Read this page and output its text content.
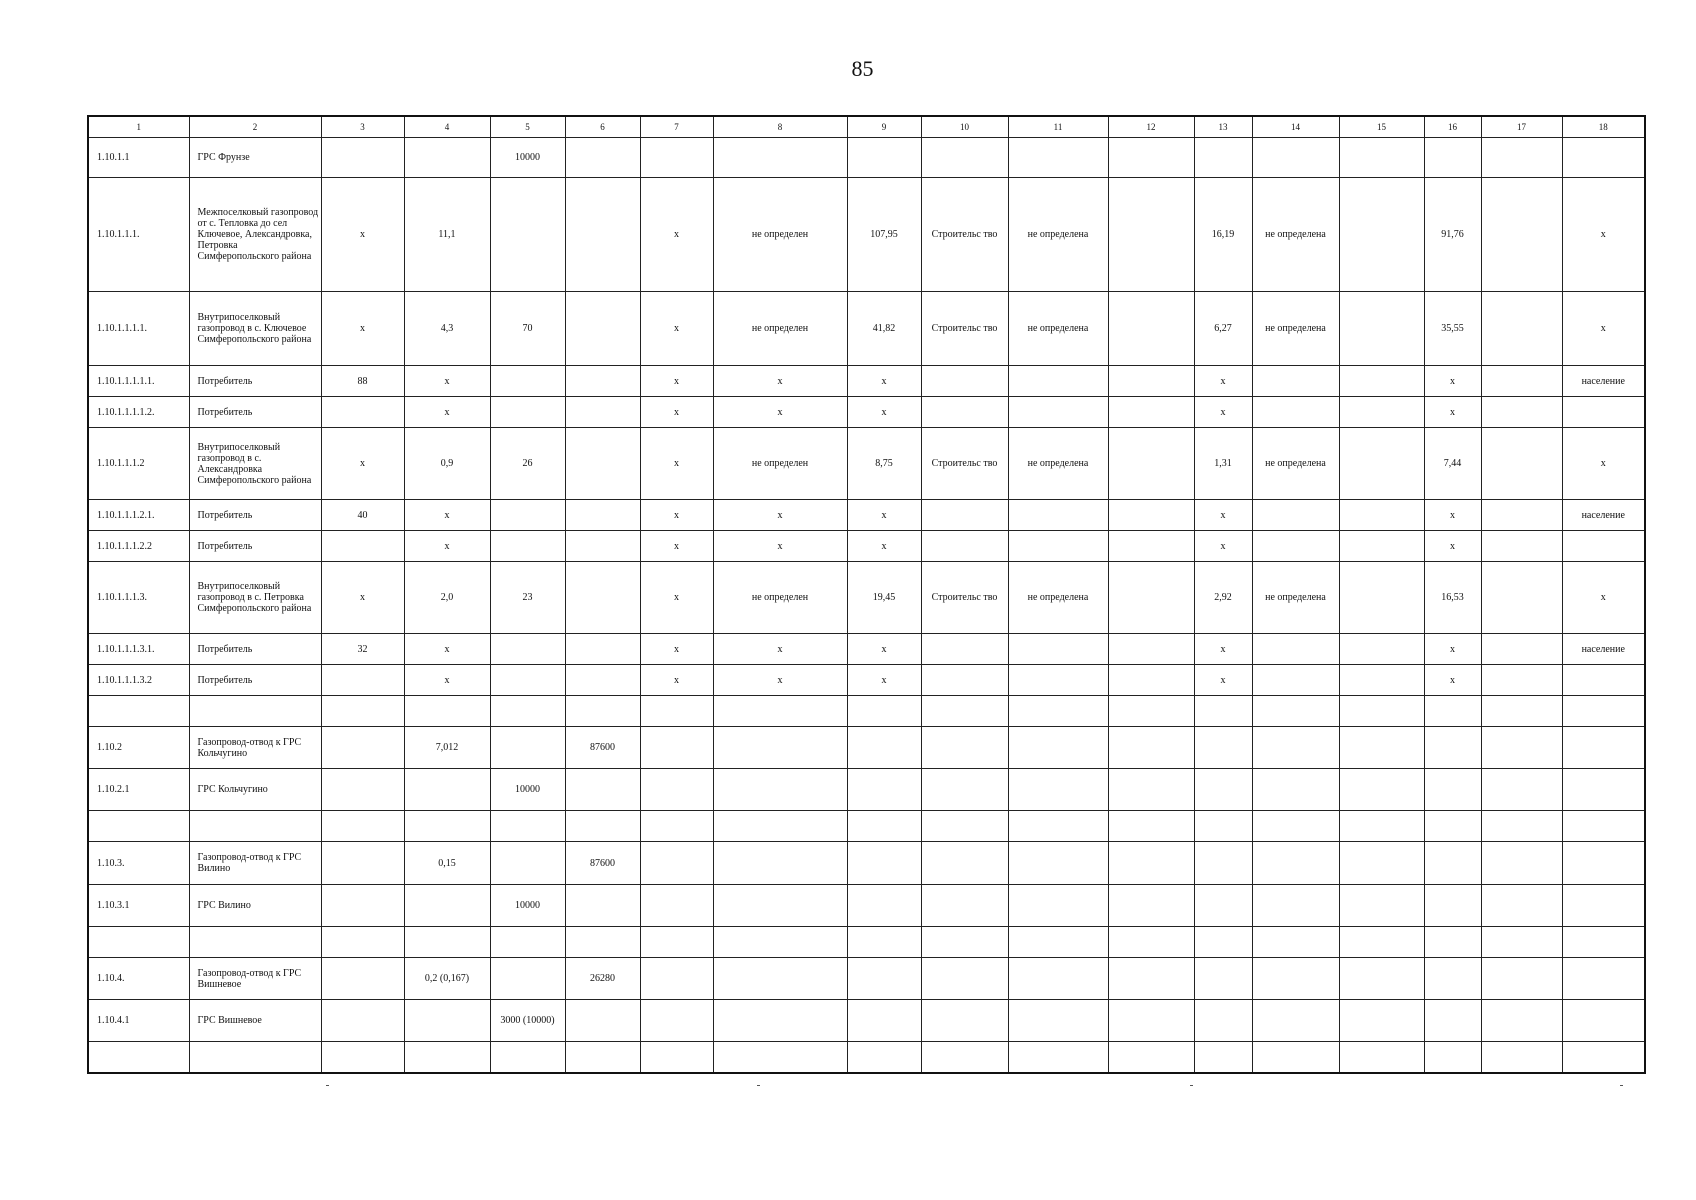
85
1	2	3	4	5	6	7	8	9	10	11	12	13	14	15	16	17	18
1.10.1.1	ГРС Фрунзе			10000													
1.10.1.1.1.	Межпоселковый газопровод от с. Тепловка до сел Ключевое, Александровка, Петровка Симферопольского района	x	11,1			x	не определен	107,95	Строительс тво	не определена		16,19	не определена		91,76		x
1.10.1.1.1.1.	Внутрипоселковый газопровод в с. Ключевое Симферопольского района	x	4,3	70		x	не определен	41,82	Строительс тво	не определена		6,27	не определена		35,55		x
1.10.1.1.1.1.1.	Потребитель	88	x			x	x	x				x			x		население
1.10.1.1.1.1.2.	Потребитель		x			x	x	x				x			x		
1.10.1.1.1.2	Внутрипоселковый газопровод в с. Александровка Симферопольского района	x	0,9	26		x	не определен	8,75	Строительс тво	не определена		1,31	не определена		7,44		x
1.10.1.1.1.2.1.	Потребитель	40	x			x	x	x				x			x		население
1.10.1.1.1.2.2	Потребитель		x			x	x	x				x			x		
1.10.1.1.1.3.	Внутрипоселковый газопровод в с. Петровка Симферопольского района	x	2,0	23		x	не определен	19,45	Строительс тво	не определена		2,92	не определена		16,53		x
1.10.1.1.1.3.1.	Потребитель	32	x			x	x	x				x			x		население
1.10.1.1.1.3.2	Потребитель		x			x	x	x				x			x		

1.10.2	Газопровод-отвод к ГРС Кольчугино		7,012		87600												
1.10.2.1	ГРС Кольчугино			10000													

1.10.3.	Газопровод-отвод к ГРС Вилино		0,15		87600												
1.10.3.1	ГРС Вилино			10000													

1.10.4.	Газопровод-отвод к ГРС Вишневое		0,2 (0,167)		26280												
1.10.4.1	ГРС Вишневое			3000 (10000)													
